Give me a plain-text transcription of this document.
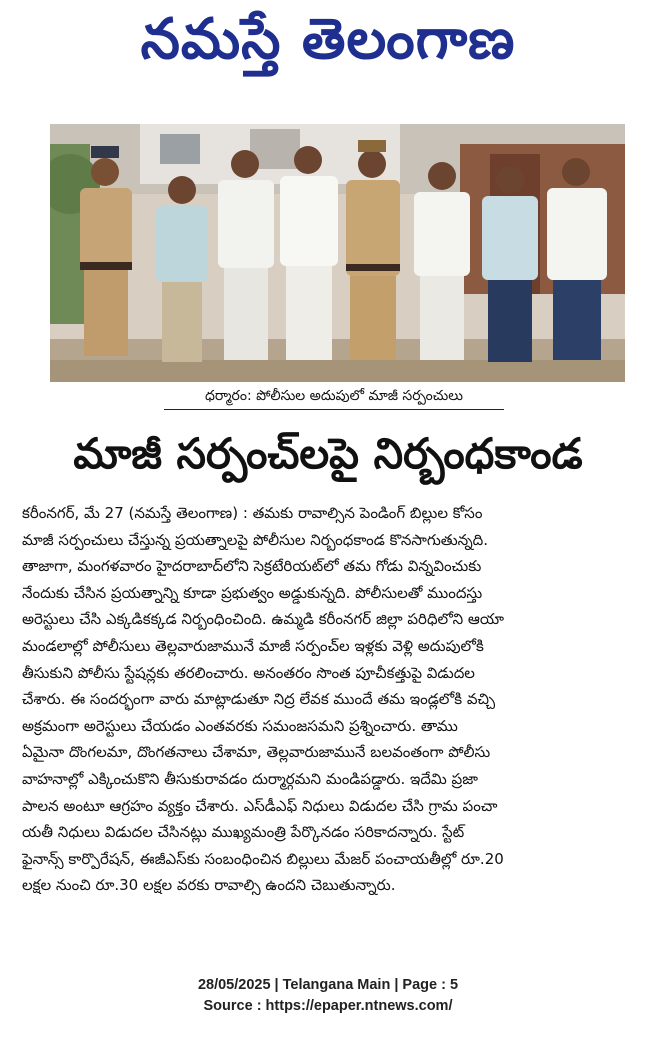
నమస్తే తెలంగాణ
ధర్మారం: పోలీసుల అదుపులో మాజీ సర్పంచులు
మాజీ సర్పంచ్‌లపై నిర్బంధకాండ
కరీంనగర్, మే 27 (నమస్తే తెలంగాణ) : తమకు రావాల్సిన పెండింగ్ బిల్లుల కోసం
మాజీ సర్పంచులు చేస్తున్న ప్రయత్నాలపై పోలీసుల నిర్బంధకాండ కొనసాగుతున్నది.
తాజాగా, మంగళవారం హైదరాబాద్‌లోని సెక్రటేరియట్‌లో తమ గోడు విన్నవించుకు
నేందుకు చేసిన ప్రయత్నాన్ని కూడా ప్రభుత్వం అడ్డుకున్నది. పోలీసులతో ముందస్తు
అరెస్టులు చేసి ఎక్కడికక్కడ నిర్బంధించింది. ఉమ్మడి కరీంనగర్ జిల్లా పరిధిలోని ఆయా
మండలాల్లో పోలీసులు తెల్లవారుజామునే మాజీ సర్పంచ్‌ల ఇళ్లకు వెళ్లి అదుపులోకి
తీసుకుని పోలీసు స్టేషన్లకు తరలించారు. అనంతరం సొంత పూచీకత్తుపై విడుదల
చేశారు. ఈ సందర్భంగా వారు మాట్లాడుతూ నిద్ర లేవక ముందే తమ ఇండ్లలోకి వచ్చి
అక్రమంగా అరెస్టులు చేయడం ఎంతవరకు సమంజసమని ప్రశ్నించారు. తాము
ఏమైనా దొంగలమా, దొంగతనాలు చేశామా, తెల్లవారుజామునే బలవంతంగా పోలీసు
వాహనాల్లో ఎక్కించుకొని తీసుకురావడం దుర్మార్గమని మండిపడ్డారు. ఇదేమి ప్రజా
పాలన అంటూ ఆగ్రహం వ్యక్తం చేశారు. ఎస్‌డీఎఫ్ నిధులు విడుదల చేసి గ్రామ పంచా
యతీ నిధులు విడుదల చేసినట్లు ముఖ్యమంత్రి పేర్కొనడం సరికాదన్నారు. స్టేట్
ఫైనాన్స్ కార్పొరేషన్, ఈజీఎస్‌కు సంబంధించిన బిల్లులు మేజర్ పంచాయతీల్లో రూ.20
లక్షల నుంచి రూ.30 లక్షల వరకు రావాల్సి ఉందని చెబుతున్నారు.
28/05/2025 | Telangana Main | Page : 5
Source : https://epaper.ntnews.com/
